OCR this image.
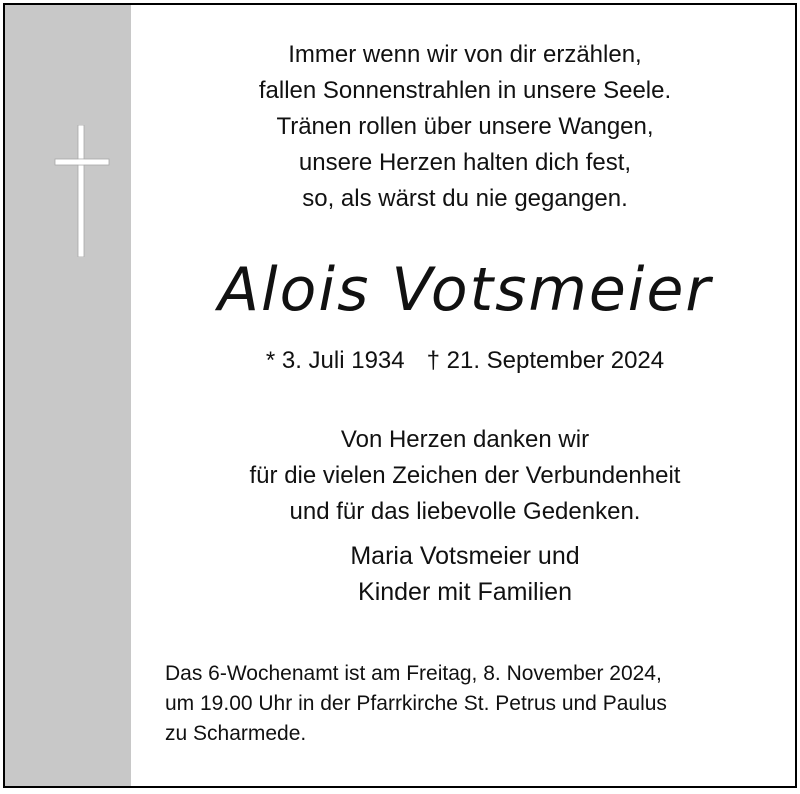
Immer wenn wir von dir erzählen,
fallen Sonnenstrahlen in unsere Seele.
Tränen rollen über unsere Wangen,
unsere Herzen halten dich fest,
so, als wärst du nie gegangen.
Alois Votsmeier
* 3. Juli 1934 † 21. September 2024
Von Herzen danken wir
für die vielen Zeichen der Verbundenheit
und für das liebevolle Gedenken.
Maria Votsmeier und
Kinder mit Familien
Das 6-Wochenamt ist am Freitag, 8. November 2024,
um 19.00 Uhr in der Pfarrkirche St. Petrus und Paulus
zu Scharmede.
